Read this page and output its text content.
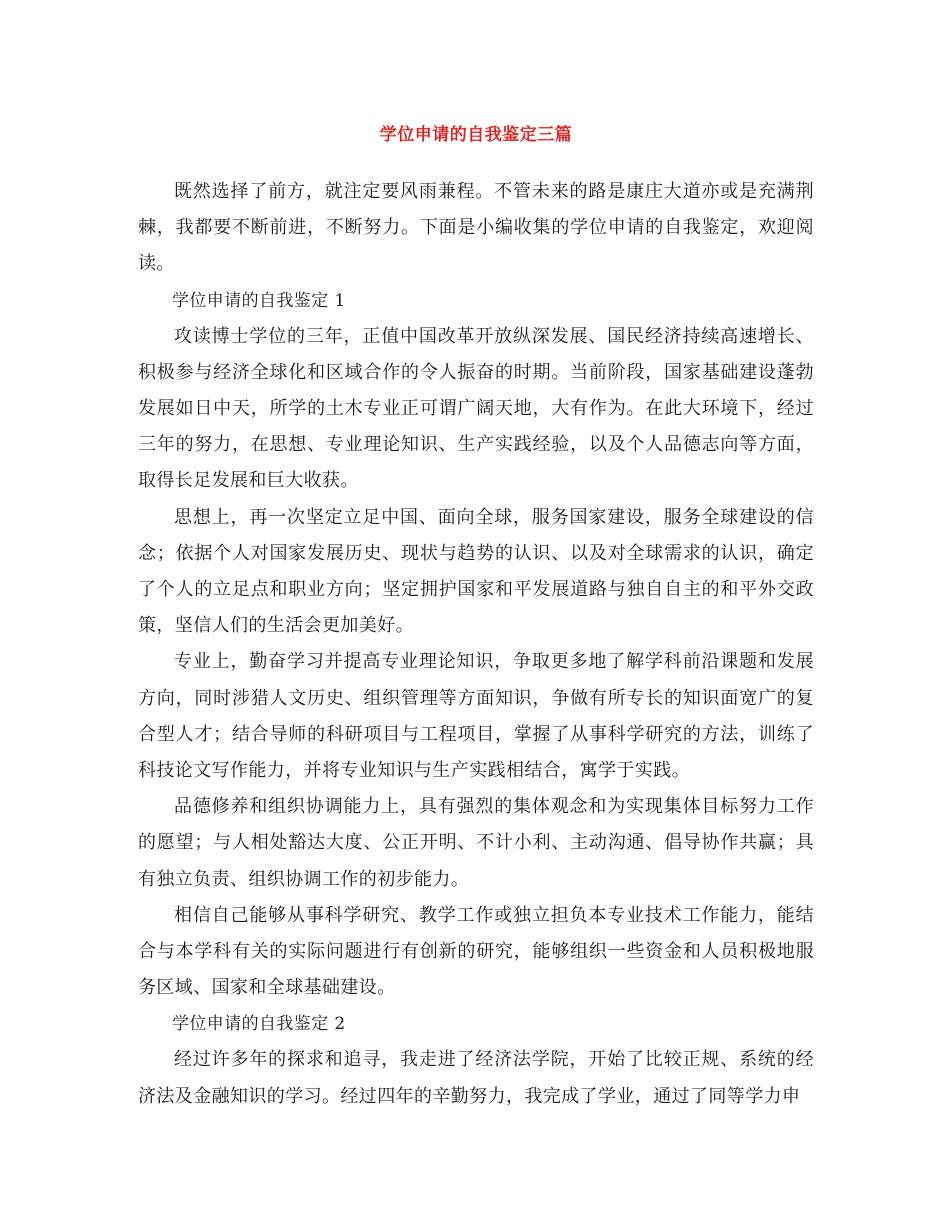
学位申请的自我鉴定三篇

既然选择了前方，就注定要风雨兼程。不管未来的路是康庄大道亦或是充满荆棘，我都要不断前进，不断努力。下面是小编收集的学位申请的自我鉴定，欢迎阅读。

学位申请的自我鉴定 1

攻读博士学位的三年，正值中国改革开放纵深发展、国民经济持续高速增长、积极参与经济全球化和区域合作的令人振奋的时期。当前阶段，国家基础建设蓬勃发展如日中天，所学的土木专业正可谓广阔天地，大有作为。在此大环境下，经过三年的努力，在思想、专业理论知识、生产实践经验，以及个人品德志向等方面，取得长足发展和巨大收获。

思想上，再一次坚定立足中国、面向全球，服务国家建设，服务全球建设的信念；依据个人对国家发展历史、现状与趋势的认识、以及对全球需求的认识，确定了个人的立足点和职业方向；坚定拥护国家和平发展道路与独自自主的和平外交政策，坚信人们的生活会更加美好。

专业上，勤奋学习并提高专业理论知识，争取更多地了解学科前沿课题和发展方向，同时涉猎人文历史、组织管理等方面知识，争做有所专长的知识面宽广的复合型人才；结合导师的科研项目与工程项目，掌握了从事科学研究的方法，训练了科技论文写作能力，并将专业知识与生产实践相结合，寓学于实践。

品德修养和组织协调能力上，具有强烈的集体观念和为实现集体目标努力工作的愿望；与人相处豁达大度、公正开明、不计小利、主动沟通、倡导协作共赢；具有独立负责、组织协调工作的初步能力。

相信自己能够从事科学研究、教学工作或独立担负本专业技术工作能力，能结合与本学科有关的实际问题进行有创新的研究，能够组织一些资金和人员积极地服务区域、国家和全球基础建设。

学位申请的自我鉴定 2

经过许多年的探求和追寻，我走进了经济法学院，开始了比较正规、系统的经济法及金融知识的学习。经过四年的辛勤努力，我完成了学业，通过了同等学力申
